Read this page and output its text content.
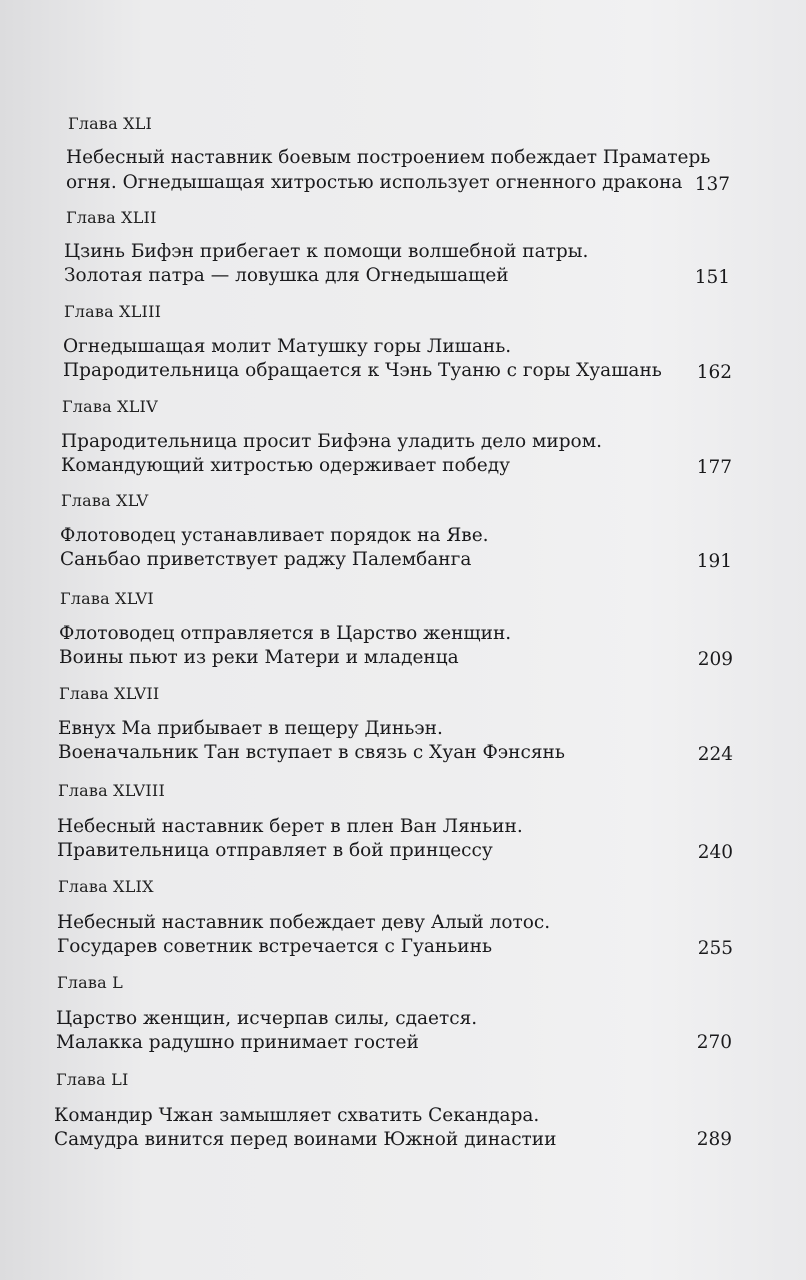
Глава XLI
Небесный наставник боевым построением побеждает Праматерь
огня. Огнедышащая хитростью использует огненного дракона 137
Глава XLII
Цзинь Бифэн прибегает к помощи волшебной патры.
Золотая патра — ловушка для Огнедышащей	151
Глава XLIII
Огнедышащая молит Матушку горы Лишань.
Прародительница обращается к Чэнь Туаню с горы Хуашань	162
Глава XLIV
Прародительница просит Бифэна уладить дело миром.
Командующий хитростью одерживает победу	177
Глава XLV
Флотоводец устанавливает порядок на Яве.
Саньбао приветствует раджу Палембанга	191
Глава XLVI
Флотоводец отправляется в Царство женщин.
Воины пьют из реки Матери и младенца	209
Глава XLVII
Евнух Ма прибывает в пещеру Диньэн.
Военачальник Тан вступает в связь с Хуан Фэнсянь	224
Глава XLVIII
Небесный наставник берет в плен Ван Ляньин.
Правительница отправляет в бой принцессу	240
Глава XLIX
Небесный наставник побеждает деву Алый лотос.
Государев советник встречается с Гуаньинь	255
Глава L
Царство женщин, исчерпав силы, сдается.
Малакка радушно принимает гостей	270
Глава LI
Командир Чжан замышляет схватить Секандара.
Самудра винится перед воинами Южной династии	289
